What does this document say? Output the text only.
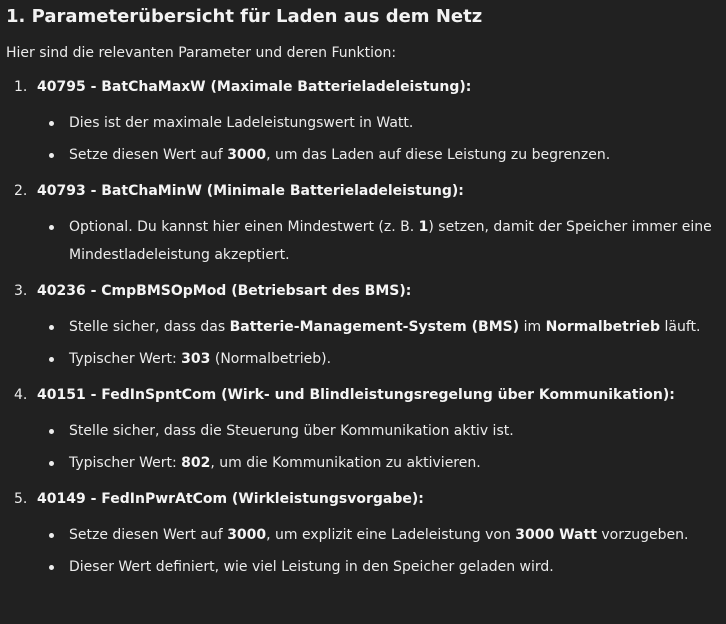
1. Parameterübersicht für Laden aus dem Netz

Hier sind die relevanten Parameter und deren Funktion:

1. 40795 - BatChaMaxW (Maximale Batterieladeleistung):
Dies ist der maximale Ladeleistungswert in Watt.
Setze diesen Wert auf 3000, um das Laden auf diese Leistung zu begrenzen.
2. 40793 - BatChaMinW (Minimale Batterieladeleistung):
Optional. Du kannst hier einen Mindestwert (z. B. 1) setzen, damit der Speicher immer eine Mindestladeleistung akzeptiert.
3. 40236 - CmpBMSOpMod (Betriebsart des BMS):
Stelle sicher, dass das Batterie-Management-System (BMS) im Normalbetrieb läuft.
Typischer Wert: 303 (Normalbetrieb).
4. 40151 - FedInSpntCom (Wirk- und Blindleistungsregelung über Kommunikation):
Stelle sicher, dass die Steuerung über Kommunikation aktiv ist.
Typischer Wert: 802, um die Kommunikation zu aktivieren.
5. 40149 - FedInPwrAtCom (Wirkleistungsvorgabe):
Setze diesen Wert auf 3000, um explizit eine Ladeleistung von 3000 Watt vorzugeben.
Dieser Wert definiert, wie viel Leistung in den Speicher geladen wird.
